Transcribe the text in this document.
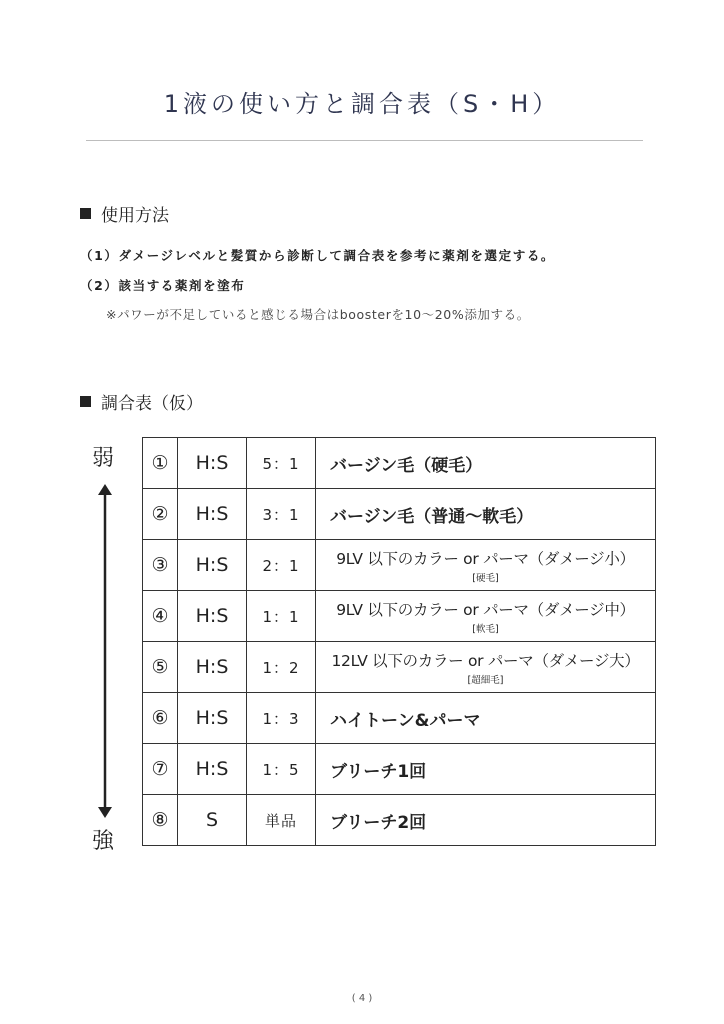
1液の使い方と調合表（S・H）
使用方法
（1）ダメージレベルと髪質から診断して調合表を参考に薬剤を選定する。
（2）該当する薬剤を塗布
※パワーが不足していると感じる場合はboosterを10〜20%添加する。
調合表（仮）
弱
強
①	H:S	5：1	バージン毛（硬毛）
②	H:S	3：1	バージン毛（普通〜軟毛）
③	H:S	2：1	9LV 以下のカラー or パーマ（ダメージ小）
[硬毛]

④	H:S	1：1	9LV 以下のカラー or パーマ（ダメージ中）
[軟毛]

⑤	H:S	1：2	12LV 以下のカラー or パーマ（ダメージ大）
[超細毛]

⑥	H:S	1：3	ハイトーン&パーマ
⑦	H:S	1：5	ブリーチ1回
⑧	S	単品	ブリーチ2回
( 4 )
